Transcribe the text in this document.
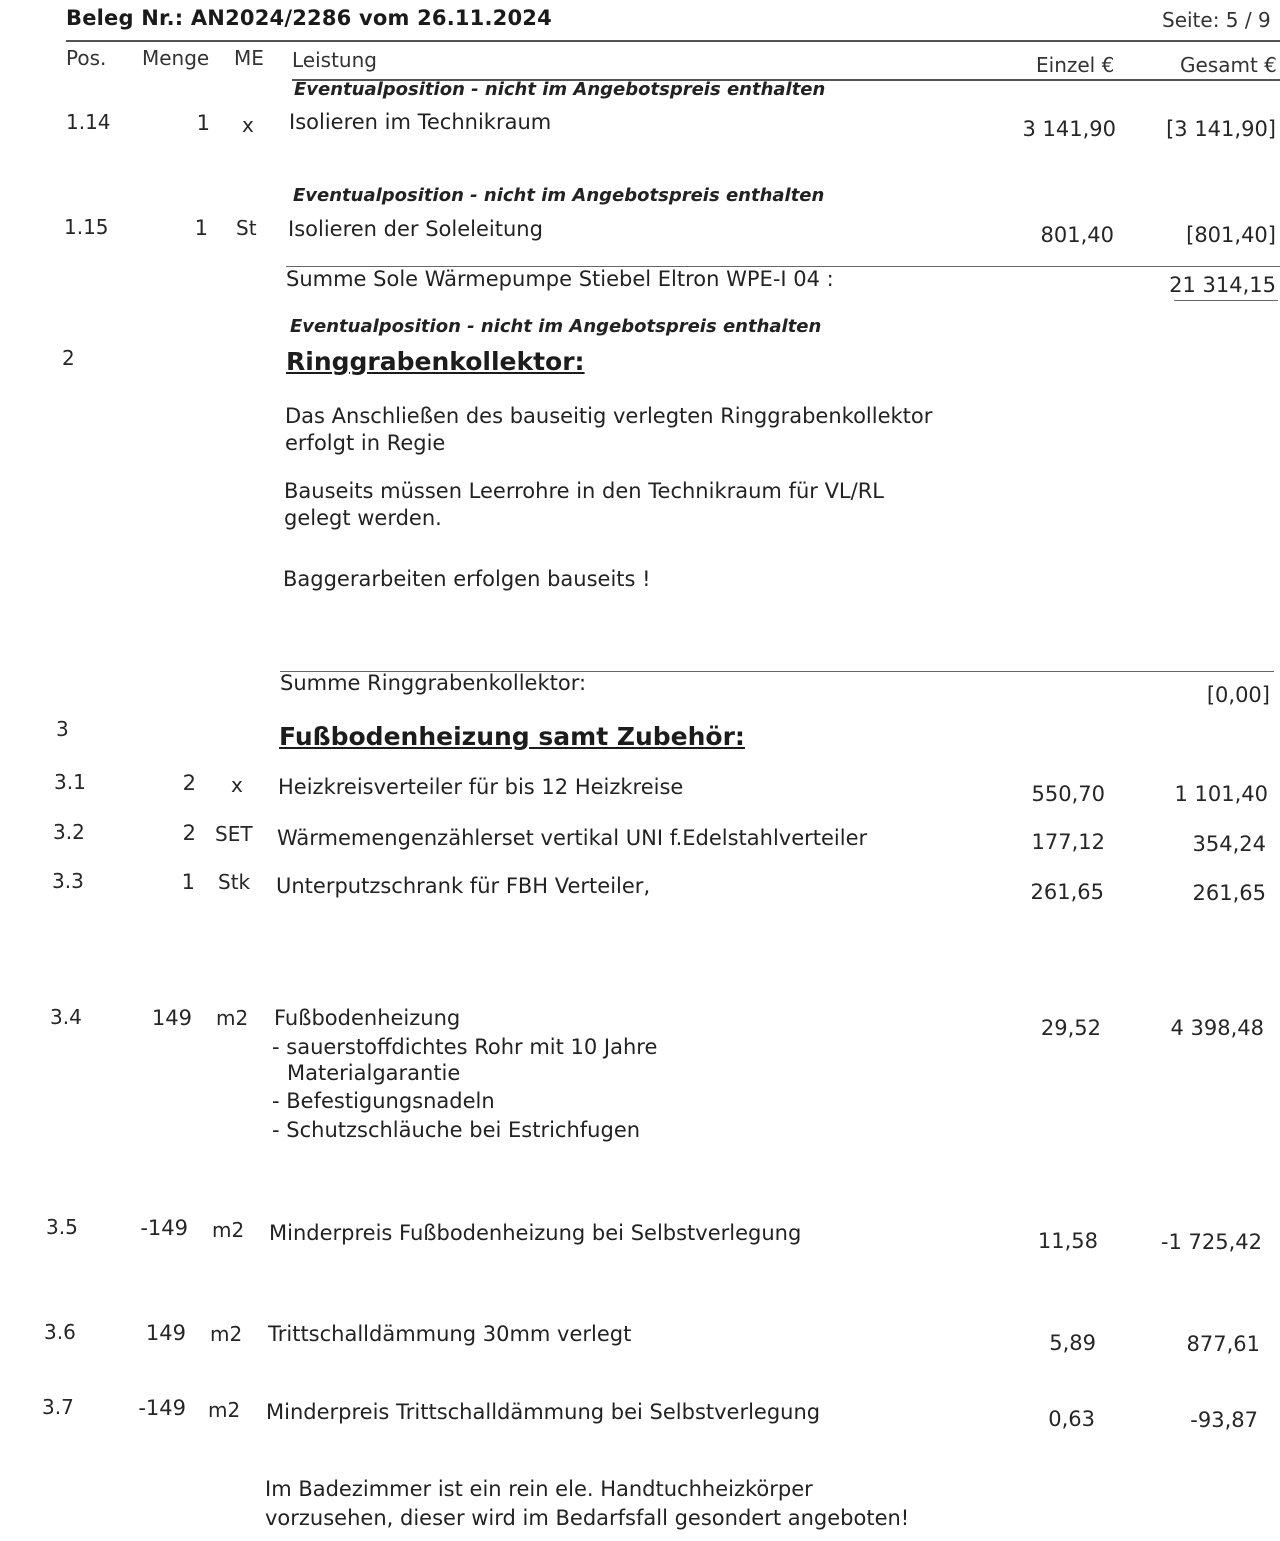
Beleg Nr.: AN2024/2286 vom 26.11.2024	Seite: 5 / 9
Pos. Menge ME Leistung	Einzel €	Gesamt €
Eventualposition - nicht im Angebotspreis enthalten
1.14	1 x Isolieren im Technikraum	3 141,90	[3 141,90]
Eventualposition - nicht im Angebotspreis enthalten
1.15	1 St Isolieren der Soleleitung	801,40	[801,40]
Summe Sole Wärmepumpe Stiebel Eltron WPE-I 04 :	21 314,15
Eventualposition - nicht im Angebotspreis enthalten
2	Ringgrabenkollektor:
Das Anschließen des bauseitig verlegten Ringgrabenkollektor erfolgt in Regie
Bauseits müssen Leerrohre in den Technikraum für VL/RL gelegt werden.
Baggerarbeiten erfolgen bauseits !
Summe Ringgrabenkollektor:	[0,00]
3	Fußbodenheizung samt Zubehör:
3.1	2 x Heizkreisverteiler für bis 12 Heizkreise	550,70	1 101,40
3.2	2 SET Wärmemengenzählerset vertikal UNI f.Edelstahlverteiler	177,12	354,24
3.3	1 Stk Unterputzschrank für FBH Verteiler,	261,65	261,65
3.4	149 m2 Fußbodenheizung
- sauerstoffdichtes Rohr mit 10 Jahre
Materialgarantie
- Befestigungsnadeln
- Schutzschläuche bei Estrichfugen
29,52	4 398,48
3.5	-149 m2 Minderpreis Fußbodenheizung bei Selbstverlegung	11,58	-1 725,42
3.6	149 m2 Trittschalldämmung 30mm verlegt	5,89	877,61
3.7	-149 m2 Minderpreis Trittschalldämmung bei Selbstverlegung	0,63	-93,87
Im Badezimmer ist ein rein ele. Handtuchheizkörper vorzusehen, dieser wird im Bedarfsfall gesondert angeboten!
